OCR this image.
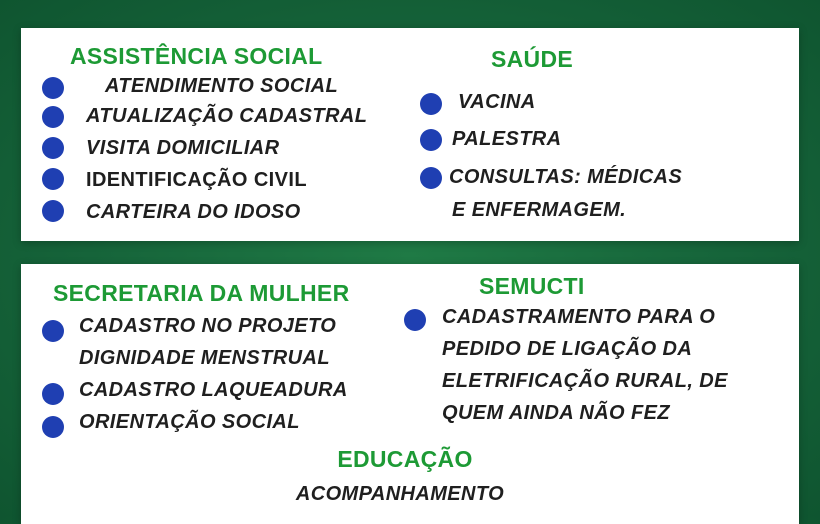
ASSISTÊNCIA SOCIAL
ATENDIMENTO SOCIAL
ATUALIZAÇÃO CADASTRAL
VISITA DOMICILIAR
IDENTIFICAÇÃO CIVIL
CARTEIRA DO IDOSO
SAÚDE
VACINA
PALESTRA
CONSULTAS: MÉDICAS
E ENFERMAGEM.
SECRETARIA DA MULHER
CADASTRO NO PROJETO
DIGNIDADE MENSTRUAL
CADASTRO LAQUEADURA
ORIENTAÇÃO SOCIAL
SEMUCTI
CADASTRAMENTO PARA O
PEDIDO DE LIGAÇÃO DA
ELETRIFICAÇÃO RURAL, DE
QUEM AINDA NÃO FEZ
EDUCAÇÃO
ACOMPANHAMENTO
